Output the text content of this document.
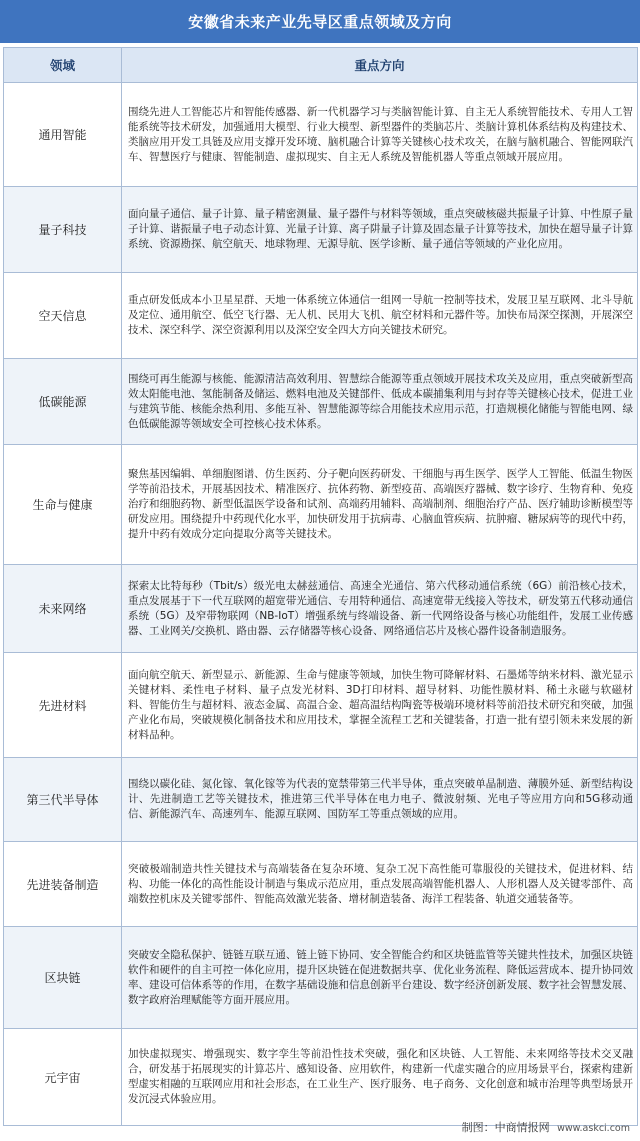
安徽省未来产业先导区重点领域及方向
领域	重点方向
通用智能	围绕先进人工智能芯片和智能传感器、新一代机器学习与类脑智能计算、自主无人系统智能技术、专用人工智能系统等技术研发，加强通用大模型、行业大模型、新型器件的类脑芯片、类脑计算机体系结构及构建技术、类脑应用开发工具链及应用支撑开发环境、脑机融合计算等关键核心技术攻关，在脑与脑机融合、智能网联汽车、智慧医疗与健康、智能制造、虚拟现实、自主无人系统及智能机器人等重点领域开展应用。
量子科技	面向量子通信、量子计算、量子精密测量、量子器件与材料等领域，重点突破核磁共振量子计算、中性原子量子计算、谐振量子电子动态计算、光量子计算、离子阱量子计算及固态量子计算等技术，加快在超导量子计算系统、资源勘探、航空航天、地球物理、无源导航、医学诊断、量子通信等领域的产业化应用。
空天信息	重点研发低成本小卫星星群、天地一体系统立体通信一组网一导航一控制等技术，发展卫星互联网、北斗导航及定位、通用航空、低空飞行器、无人机、民用大飞机、航空材料和元器件等。加快布局深空探测，开展深空技术、深空科学、深空资源利用以及深空安全四大方向关键技术研究。
低碳能源	围绕可再生能源与核能、能源清洁高效利用、智慧综合能源等重点领域开展技术攻关及应用，重点突破新型高效太阳能电池、氢能制备及储运、燃料电池及关键部件、低成本碳捕集利用与封存等关键核心技术，促进工业与建筑节能、核能余热利用、多能互补、智慧能源等综合用能技术应用示范，打造规模化储能与智能电网、绿色低碳能源等领域安全可控核心技术体系。
生命与健康	聚焦基因编辑、单细胞图谱、仿生医药、分子靶向医药研发、干细胞与再生医学、医学人工智能、低温生物医学等前沿技术，开展基因技术、精准医疗、抗体药物、新型疫苗、高端医疗器械、数字诊疗、生物育种、免疫治疗和细胞药物、新型低温医学设备和试剂、高端药用辅料、高端制剂、细胞治疗产品、医疗辅助诊断模型等研发应用。围绕提升中药现代化水平，加快研发用于抗病毒、心脑血管疾病、抗肿瘤、糖尿病等的现代中药，提升中药有效成分定向提取分离等关键技术。
未来网络	探索太比特每秒（Tbit/s）级光电太赫兹通信、高速全光通信、第六代移动通信系统（6G）前沿核心技术，重点发展基于下一代互联网的超宽带光通信、专用特种通信、高速宽带无线接入等技术，研发第五代移动通信系统（5G）及窄带物联网（NB-IoT）增强系统与终端设备、新一代网络设备与核心功能组件，发展工业传感器、工业网关/交换机、路由器、云存储器等核心设备、网络通信芯片及核心器件设备制造服务。
先进材料	面向航空航天、新型显示、新能源、生命与健康等领域，加快生物可降解材料、石墨烯等纳米材料、激光显示关键材料、柔性电子材料、量子点发光材料、3D打印材料、超导材料、功能性膜材料、稀土永磁与软磁材料、智能仿生与超材料、液态金属、高温合金、超高温结构陶瓷等极端环境材料等前沿技术研究和突破，加强产业化布局，突破规模化制备技术和应用技术，掌握全流程工艺和关键装备，打造一批有望引领未来发展的新材料品种。
第三代半导体	围绕以碳化硅、氮化镓、氧化镓等为代表的宽禁带第三代半导体，重点突破单晶制造、薄膜外延、新型结构设计、先进制造工艺等关键技术，推进第三代半导体在电力电子、微波射频、光电子等应用方向和5G移动通信、新能源汽车、高速列车、能源互联网、国防军工等重点领域的应用。
先进装备制造	突破极端制造共性关键技术与高端装备在复杂环境、复杂工况下高性能可靠服役的关键技术，促进材料、结构、功能一体化的高性能设计制造与集成示范应用，重点发展高端智能机器人、人形机器人及关键零部件、高端数控机床及关键零部件、智能高效激光装备、增材制造装备、海洋工程装备、轨道交通装备等。
区块链	突破安全隐私保护、链链互联互通、链上链下协同、安全智能合约和区块链监管等关键共性技术，加强区块链软件和硬件的自主可控一体化应用，提升区块链在促进数据共享、优化业务流程、降低运营成本、提升协同效率、建设可信体系等的作用，在数字基础设施和信息创新平台建设、数字经济创新发展、数字社会智慧发展、数字政府治理赋能等方面开展应用。
元宇宙	加快虚拟现实、增强现实、数字孪生等前沿性技术突破，强化和区块链、人工智能、未来网络等技术交叉融合，研发基于拓展现实的计算芯片、感知设备、应用软件，构建新一代虚实融合的应用场景平台，探索构建新型虚实相融的互联网应用和社会形态，在工业生产、医疗服务、电子商务、文化创意和城市治理等典型场景开发沉浸式体验应用。
制图：中商情报网 www.askci.com
